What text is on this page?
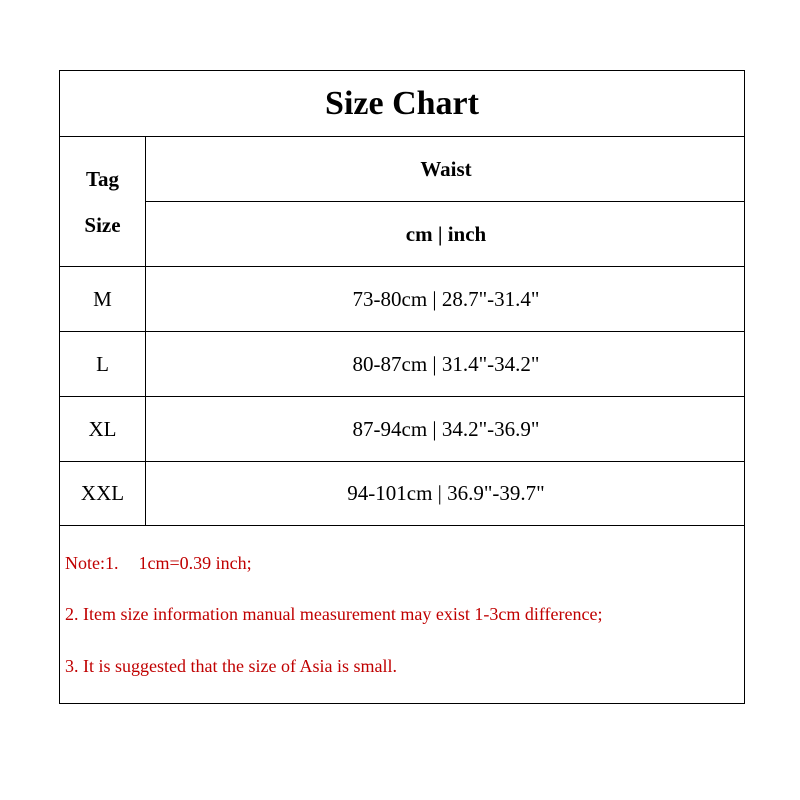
Size Chart
Tag
Size
Waist
cm | inch
M	73-80cm | 28.7"-31.4"
L	80-87cm | 31.4"-34.2"
XL	87-94cm | 34.2"-36.9"
XXL	94-101cm | 36.9"-39.7"
Note:1. 1cm=0.39 inch;
2. Item size information manual measurement may exist 1-3cm difference;
3. It is suggested that the size of Asia is small.
